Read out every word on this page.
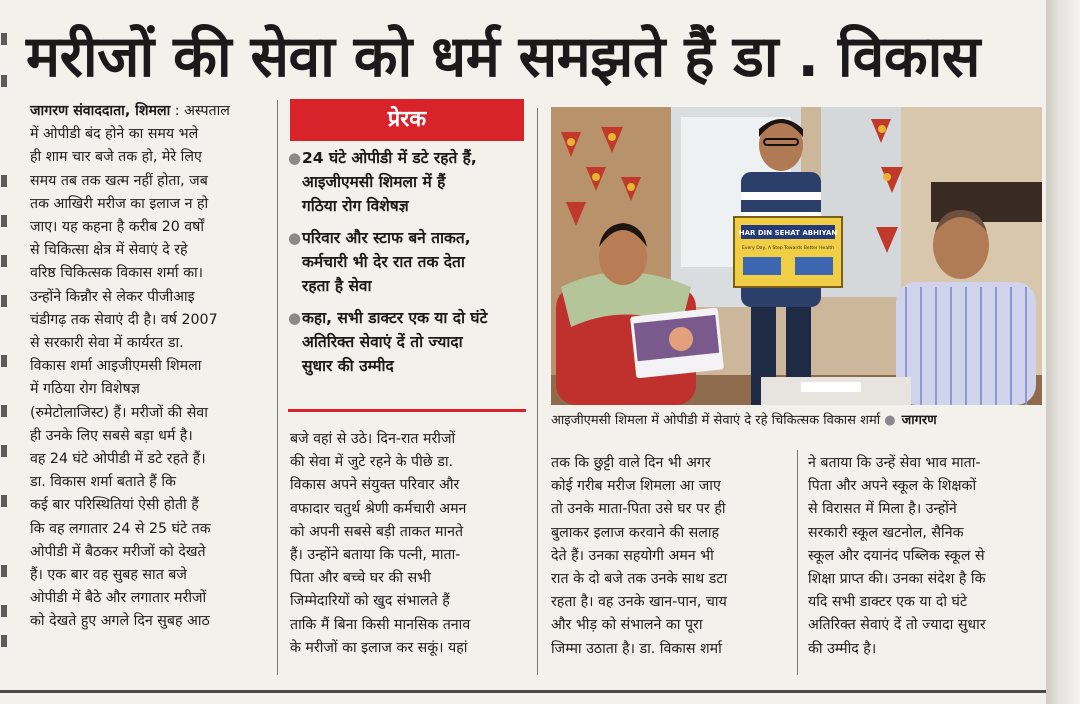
मरीजों की सेवा को धर्म समझते हैं डा . विकास

जागरण संवाददाता, शिमला : अस्पताल
में ओपीडी बंद होने का समय भले
ही शाम चार बजे तक हो, मेरे लिए
समय तब तक खत्म नहीं होता, जब
तक आखिरी मरीज का इलाज न हो
जाए। यह कहना है करीब 20 वर्षों
से चिकित्सा क्षेत्र में सेवाएं दे रहे
वरिष्ठ चिकित्सक विकास शर्मा का।
उन्होंने किन्नौर से लेकर पीजीआइ
चंडीगढ़ तक सेवाएं दी है। वर्ष 2007
से सरकारी सेवा में कार्यरत डा.
विकास शर्मा आइजीएमसी शिमला
में गठिया रोग विशेषज्ञ
(रुमेटोलाजिस्ट) हैं। मरीजों की सेवा
ही उनके लिए सबसे बड़ा धर्म है।
वह 24 घंटे ओपीडी में डटे रहते हैं।
डा. विकास शर्मा बताते हैं कि
कई बार परिस्थितियां ऐसी होती हैं
कि वह लगातार 24 से 25 घंटे तक
ओपीडी में बैठकर मरीजों को देखते
हैं। एक बार वह सुबह सात बजे
ओपीडी में बैठे और लगातार मरीजों
को देखते हुए अगले दिन सुबह आठ

प्रेरक
● 24 घंटे ओपीडी में डटे रहते हैं,
आइजीएमसी शिमला में हैं
गठिया रोग विशेषज्ञ
● परिवार और स्टाफ बने ताकत,
कर्मचारी भी देर रात तक देता
रहता है सेवा
● कहा, सभी डाक्टर एक या दो घंटे
अतिरिक्त सेवाएं दें तो ज्यादा
सुधार की उम्मीद

बजे वहां से उठे। दिन-रात मरीजों
की सेवा में जुटे रहने के पीछे डा.
विकास अपने संयुक्त परिवार और
वफादार चतुर्थ श्रेणी कर्मचारी अमन
को अपनी सबसे बड़ी ताकत मानते
हैं। उन्होंने बताया कि पत्नी, माता-
पिता और बच्चे घर की सभी
जिम्मेदारियों को खुद संभालते हैं
ताकि मैं बिना किसी मानसिक तनाव
के मरीजों का इलाज कर सकूं। यहां

HAR DIN SEHAT ABHIYAN
Every Day, A Step Towards Better Health
आइजीएमसी शिमला में ओपीडी में सेवाएं दे रहे चिकित्सक विकास शर्मा ● जागरण

तक कि छुट्टी वाले दिन भी अगर
कोई गरीब मरीज शिमला आ जाए
तो उनके माता-पिता उसे घर पर ही
बुलाकर इलाज करवाने की सलाह
देते हैं। उनका सहयोगी अमन भी
रात के दो बजे तक उनके साथ डटा
रहता है। वह उनके खान-पान, चाय
और भीड़ को संभालने का पूरा
जिम्मा उठाता है। डा. विकास शर्मा

ने बताया कि उन्हें सेवा भाव माता-
पिता और अपने स्कूल के शिक्षकों
से विरासत में मिला है। उन्होंने
सरकारी स्कूल खटनोल, सैनिक
स्कूल और दयानंद पब्लिक स्कूल से
शिक्षा प्राप्त की। उनका संदेश है कि
यदि सभी डाक्टर एक या दो घंटे
अतिरिक्त सेवाएं दें तो ज्यादा सुधार
की उम्मीद है।
